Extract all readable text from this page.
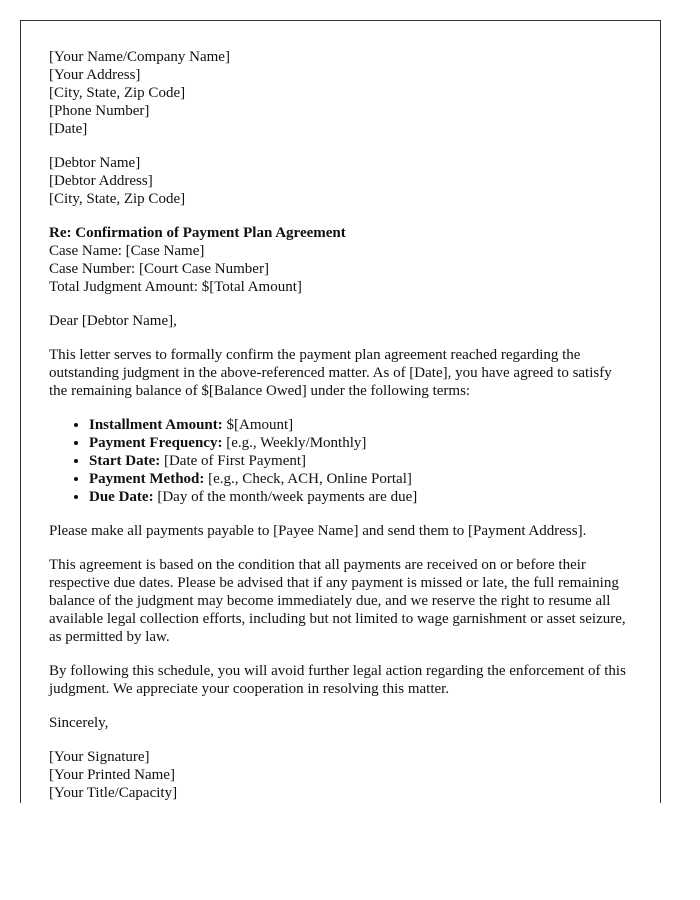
[Your Name/Company Name]
[Your Address]
[City, State, Zip Code]
[Phone Number]
[Date]

[Debtor Name]
[Debtor Address]
[City, State, Zip Code]

Re: Confirmation of Payment Plan Agreement
Case Name: [Case Name]
Case Number: [Court Case Number]
Total Judgment Amount: $[Total Amount]

Dear [Debtor Name],

This letter serves to formally confirm the payment plan agreement reached regarding the outstanding judgment in the above-referenced matter. As of [Date], you have agreed to satisfy the remaining balance of $[Balance Owed] under the following terms:

• Installment Amount: $[Amount]
• Payment Frequency: [e.g., Weekly/Monthly]
• Start Date: [Date of First Payment]
• Payment Method: [e.g., Check, ACH, Online Portal]
• Due Date: [Day of the month/week payments are due]

Please make all payments payable to [Payee Name] and send them to [Payment Address].

This agreement is based on the condition that all payments are received on or before their respective due dates. Please be advised that if any payment is missed or late, the full remaining balance of the judgment may become immediately due, and we reserve the right to resume all available legal collection efforts, including but not limited to wage garnishment or asset seizure, as permitted by law.

By following this schedule, you will avoid further legal action regarding the enforcement of this judgment. We appreciate your cooperation in resolving this matter.

Sincerely,

[Your Signature]
[Your Printed Name]
[Your Title/Capacity]
